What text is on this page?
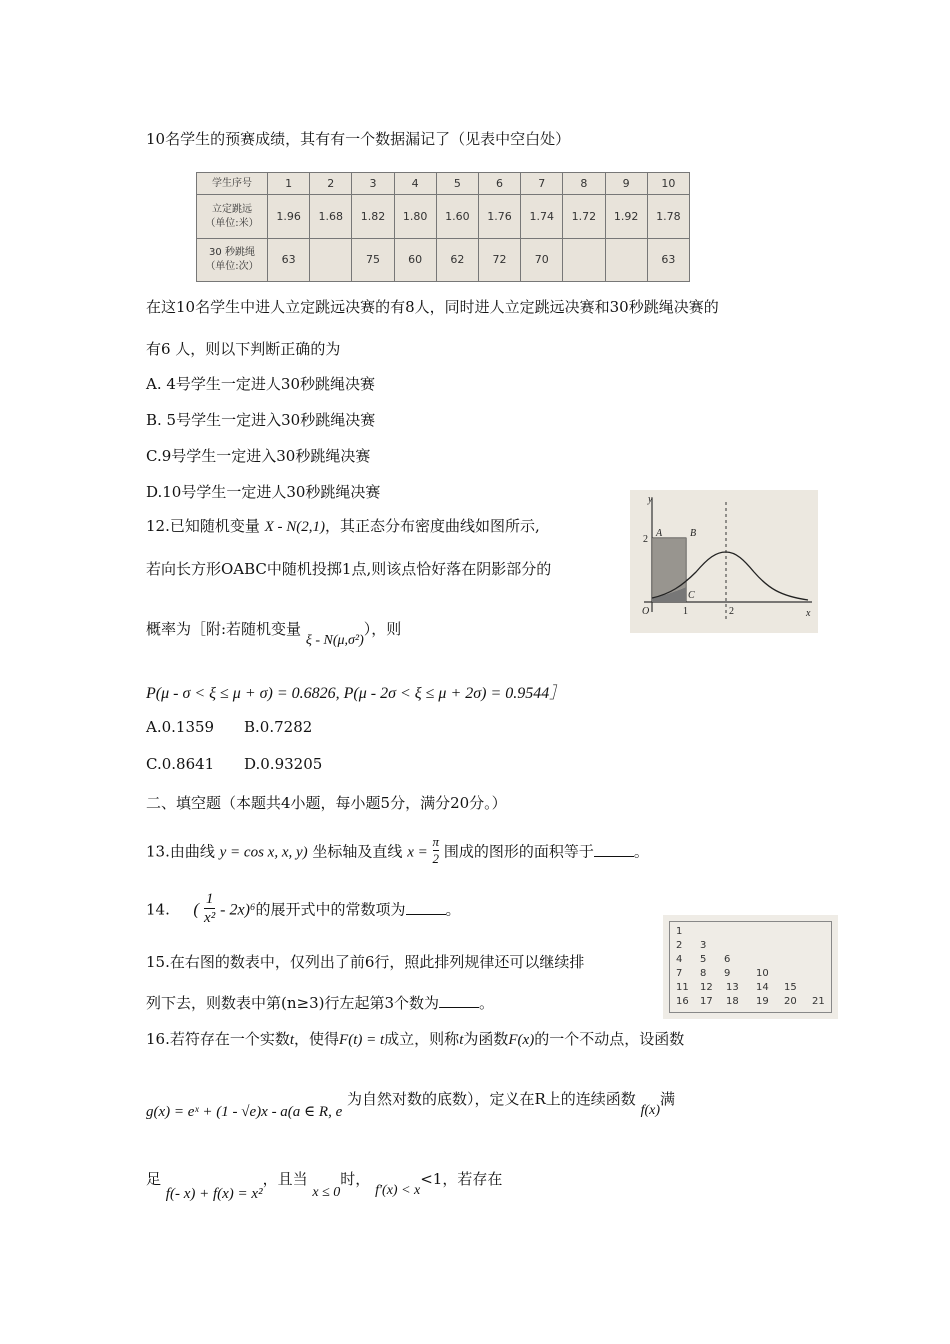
10名学生的预赛成绩，其有有一个数据漏记了（见表中空白处）
学生序号	1	2	3	4	5	6	7	8	9	10

立定跳远
（单位:米）	1.96	1.68	1.82	1.80	1.60	1.76	1.74	1.72	1.92	1.78

30 秒跳绳
（单位:次）	63		75	60	62	72	70			63
在这10名学生中进人立定跳远决赛的有8人，同时进人立定跳远决赛和30秒跳绳决赛的
有6 人，则以下判断正确的为
A. 4号学生一定进人30秒跳绳决赛
B. 5号学生一定进入30秒跳绳决赛
C.9号学生一定进入30秒跳绳决赛
D.10号学生一定进人30秒跳绳决赛
12.已知随机变量 X - N(2,1)，其正态分布密度曲线如图所示,
若向长方形OABC中随机投掷1点,则该点恰好落在阴影部分的
概率为［附:若随机变量 ξ - N(μ,σ²)），则
P(μ - σ < ξ ≤ μ + σ) = 0.6826, P(μ - 2σ < ξ ≤ μ + 2σ) = 0.9544］
A.0.1359 B.0.7282
C.0.8641 D.0.93205
y
x
A	B
C
O	1	2
2
二、填空题（本题共4小题，每小题5分，满分20分。）
13.由曲线 y = cos x, x, y) 坐标轴及直线 $x = \frac{\pi}{2}$ 围成的图形的面积等于	。
14. ( $\frac{1}{\text{x²}} - 2x)^6$的展开式中的常数项为	。
15.在右图的数表中，仅列出了前6行，照此排列规律还可以继续排
列下去，则数表中第(n≥3)行左起第3个数为	。
1
2 3
4 5 6
7 8 9	10
11 12 13 14 15
16 17 18 19 20 21
16.若符存在一个实数t，使得F(t) = t成立，则称t为函数F(x)的一个不动点，设函数
g(x) = eˣ + (1 - √e)x - a(a ∈ R, e 为自然对数的底数），定义在R上的连续函数 f(x)满
足 f(- x) + f(x) = x²，且当 x ≤ 0时， f′(x) < x<1，若存在
